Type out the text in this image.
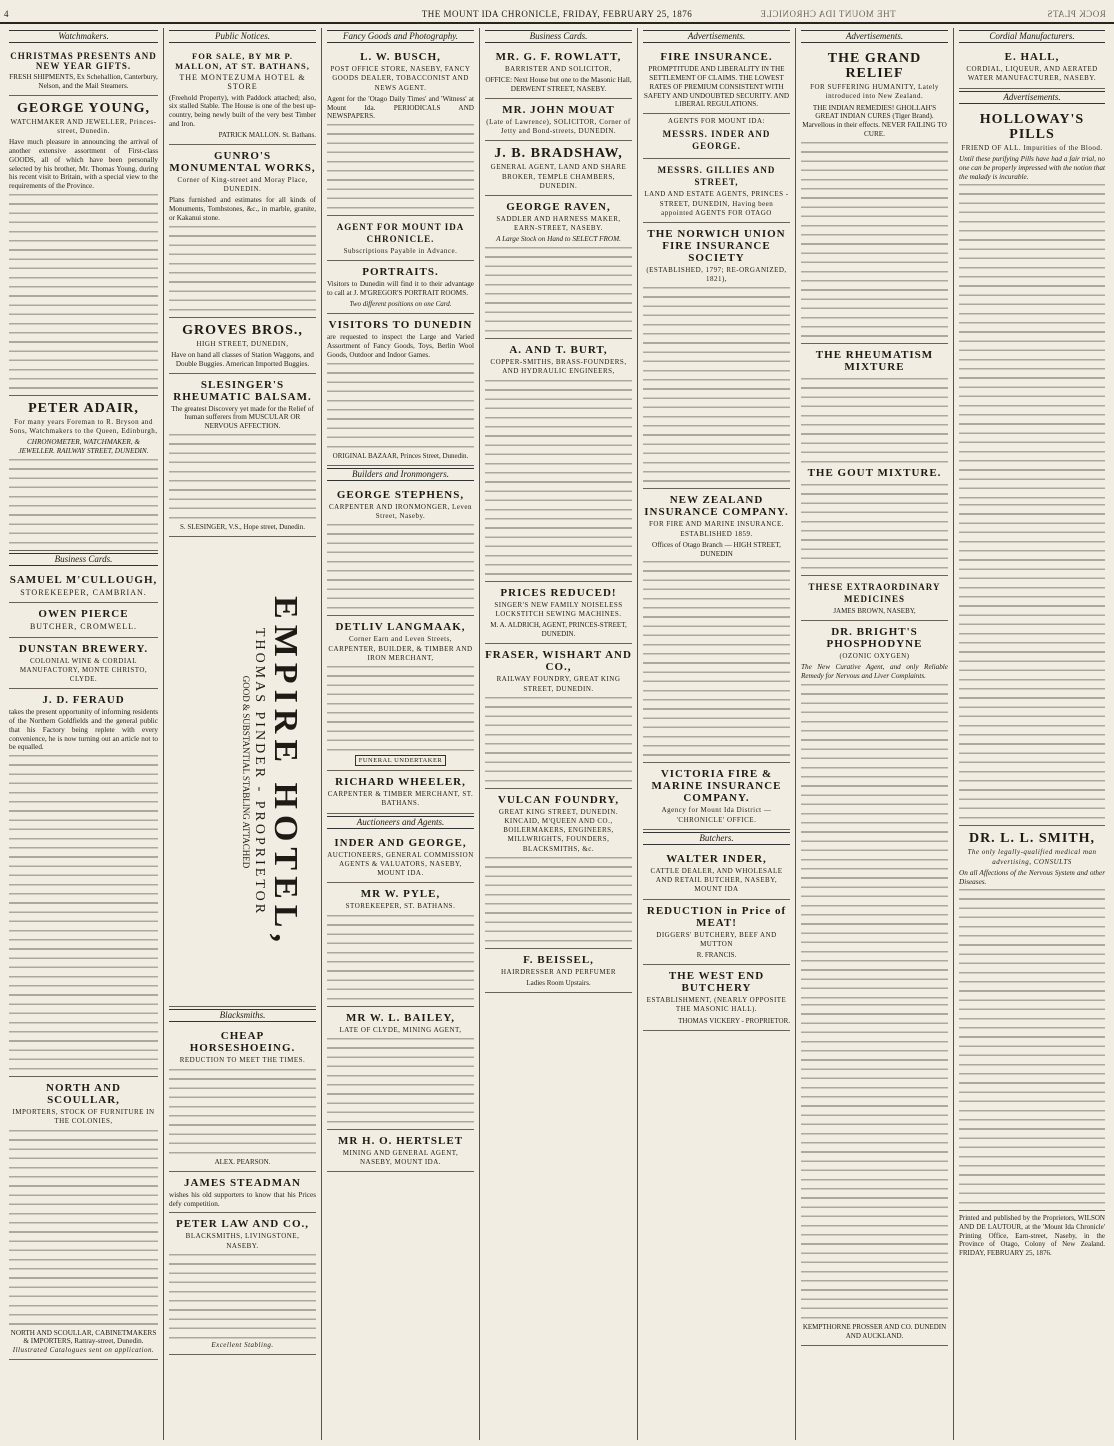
4	THE MOUNT IDA CHRONICLE, FRIDAY, FEBRUARY 25, 1876	THE MOUNT IDA CHRONICLE	ROCK PLATS
Watchmakers.
CHRISTMAS PRESENTS AND NEW YEAR GIFTS.
FRESH SHIPMENTS, Ex Schehallion, Canterbury, Nelson, and the Mail Steamers.
GEORGE YOUNG,
WATCHMAKER AND JEWELLER, Princes-street, Dunedin.
Have much pleasure in announcing the arrival of another extensive assortment of First-class GOODS, all of which have been personally selected by his brother, Mr. Thomas Young, during his recent visit to Britain, with a special view to the requirements of the Province.
PETER ADAIR,
For many years Foreman to R. Bryson and Sons, Watchmakers to the Queen, Edinburgh,
CHRONOMETER, WATCHMAKER, & JEWELLER. RAILWAY STREET, DUNEDIN.
Business Cards.
SAMUEL M'CULLOUGH,
STOREKEEPER, CAMBRIAN.
OWEN PIERCE
BUTCHER, CROMWELL.
DUNSTAN BREWERY.
COLONIAL WINE & CORDIAL MANUFACTORY, MONTE CHRISTO, CLYDE.
J. D. FERAUD
takes the present opportunity of informing residents of the Northern Goldfields and the general public that his Factory being replete with every convenience, he is now turning out an article not to be equalled.
NORTH AND SCOULLAR,
IMPORTERS, STOCK OF FURNITURE IN THE COLONIES,
NORTH AND SCOULLAR, CABINETMAKERS & IMPORTERS, Rattray-street, Dunedin.
Illustrated Catalogues sent on application.
Public Notices.
FOR SALE, BY MR P. MALLON, AT ST. BATHANS,
THE MONTEZUMA HOTEL & STORE
(Freehold Property), with Paddock attached; also, six stalled Stable. The House is one of the best up-country, being newly built of the very best Timber and Iron.
PATRICK MALLON. St. Bathans.
GUNRO'S MONUMENTAL WORKS,
Corner of King-street and Moray Place, DUNEDIN.
Plans furnished and estimates for all kinds of Monuments, Tombstones, &c., in marble, granite, or Kakanui stone.
GROVES BROS.,
HIGH STREET, DUNEDIN,
Have on hand all classes of Station Waggons, and Double Buggies. American Imported Buggies.
SLESINGER'S RHEUMATIC BALSAM.
The greatest Discovery yet made for the Relief of human sufferers from MUSCULAR OR NERVOUS AFFECTION.
S. SLESINGER, V.S., Hope street, Dunedin.
EMPIRE HOTEL,
THOMAS PINDER - PROPRIETOR
GOOD & SUBSTANTIAL STABLING ATTACHED
Blacksmiths.
CHEAP HORSESHOEING.
REDUCTION TO MEET THE TIMES.
ALEX. PEARSON.
JAMES STEADMAN
wishes his old supporters to know that his Prices defy competition.
PETER LAW AND CO.,
BLACKSMITHS, LIVINGSTONE, NASEBY.
Excellent Stabling.
Fancy Goods and Photography.
L. W. BUSCH,
POST OFFICE STORE, NASEBY, FANCY GOODS DEALER, TOBACCONIST AND NEWS AGENT.
Agent for the 'Otago Daily Times' and 'Witness' at Mount Ida. PERIODICALS AND NEWSPAPERS.
AGENT FOR MOUNT IDA CHRONICLE.
Subscriptions Payable in Advance.
PORTRAITS.
Visitors to Dunedin will find it to their advantage to call at J. M'GREGOR'S PORTRAIT ROOMS.
Two different positions on one Card.
VISITORS TO DUNEDIN
are requested to inspect the Large and Varied Assortment of Fancy Goods, Toys, Berlin Wool Goods, Outdoor and Indoor Games.
ORIGINAL BAZAAR, Princes Street, Dunedin.
Builders and Ironmongers.
GEORGE STEPHENS,
CARPENTER AND IRONMONGER, Leven Street, Naseby.
DETLIV LANGMAAK,
Corner Earn and Leven Streets, CARPENTER, BUILDER, & TIMBER AND IRON MERCHANT,
FUNERAL UNDERTAKER
RICHARD WHEELER,
CARPENTER & TIMBER MERCHANT, ST. BATHANS.
Auctioneers and Agents.
INDER AND GEORGE,
AUCTIONEERS, GENERAL COMMISSION AGENTS & VALUATORS, NASEBY, MOUNT IDA.
MR W. PYLE,
STOREKEEPER, ST. BATHANS.
MR W. L. BAILEY,
LATE OF CLYDE, MINING AGENT,
MR H. O. HERTSLET
MINING AND GENERAL AGENT, NASEBY, MOUNT IDA.
Business Cards.
MR. G. F. ROWLATT,
BARRISTER AND SOLICITOR,
OFFICE: Next House but one to the Masonic Hall, DERWENT STREET, NASEBY.
MR. JOHN MOUAT
(Late of Lawrence), SOLICITOR, Corner of Jetty and Bond-streets, DUNEDIN.
J. B. BRADSHAW,
GENERAL AGENT, LAND AND SHARE BROKER, TEMPLE CHAMBERS, DUNEDIN.
GEORGE RAVEN,
SADDLER AND HARNESS MAKER, EARN-STREET, NASEBY.
A Large Stock on Hand to SELECT FROM.
A. AND T. BURT,
COPPER-SMITHS, BRASS-FOUNDERS, AND HYDRAULIC ENGINEERS,
PRICES REDUCED!
SINGER'S NEW FAMILY NOISELESS LOCKSTITCH SEWING MACHINES.
M. A. ALDRICH, AGENT, PRINCES-STREET, DUNEDIN.
FRASER, WISHART AND CO.,
RAILWAY FOUNDRY, GREAT KING STREET, DUNEDIN.
VULCAN FOUNDRY,
GREAT KING STREET, DUNEDIN. KINCAID, M'QUEEN AND CO., BOILERMAKERS, ENGINEERS, MILLWRIGHTS, FOUNDERS, BLACKSMITHS, &c.
F. BEISSEL,
HAIRDRESSER AND PERFUMER
Ladies Room Upstairs.
Advertisements.
FIRE INSURANCE.
PROMPTITUDE AND LIBERALITY IN THE SETTLEMENT OF CLAIMS. THE LOWEST RATES OF PREMIUM CONSISTENT WITH SAFETY AND UNDOUBTED SECURITY. AND LIBERAL REGULATIONS.
AGENTS FOR MOUNT IDA:
MESSRS. INDER AND GEORGE.
MESSRS. GILLIES AND STREET,
LAND AND ESTATE AGENTS, PRINCES - STREET, DUNEDIN, Having been appointed AGENTS FOR OTAGO
THE NORWICH UNION FIRE INSURANCE SOCIETY
(ESTABLISHED, 1797; RE-ORGANIZED, 1821),
NEW ZEALAND INSURANCE COMPANY.
FOR FIRE AND MARINE INSURANCE. ESTABLISHED 1859.
Offices of Otago Branch — HIGH STREET, DUNEDIN
VICTORIA FIRE & MARINE INSURANCE COMPANY.
Agency for Mount Ida District — 'CHRONICLE' OFFICE.
Butchers.
WALTER INDER,
CATTLE DEALER, AND WHOLESALE AND RETAIL BUTCHER, NASEBY, MOUNT IDA
REDUCTION in Price of MEAT!
DIGGERS' BUTCHERY, BEEF AND MUTTON
R. FRANCIS.
THE WEST END BUTCHERY
ESTABLISHMENT, (NEARLY OPPOSITE THE MASONIC HALL).
THOMAS VICKERY - PROPRIETOR.
Advertisements.
THE GRAND RELIEF
FOR SUFFERING HUMANITY, Lately introduced into New Zealand.
THE INDIAN REMEDIES! GHOLLAH'S GREAT INDIAN CURES (Tiger Brand). Marvellous in their effects. NEVER FAILING TO CURE.
THE RHEUMATISM MIXTURE
THE GOUT MIXTURE.
THESE EXTRAORDINARY MEDICINES
JAMES BROWN, NASEBY,
DR. BRIGHT'S PHOSPHODYNE
(OZONIC OXYGEN)
The New Curative Agent, and only Reliable Remedy for Nervous and Liver Complaints.
KEMPTHORNE PROSSER AND CO. DUNEDIN AND AUCKLAND.
Cordial Manufacturers.
E. HALL,
CORDIAL, LIQUEUR, AND AERATED WATER MANUFACTURER, NASEBY.
Advertisements.
HOLLOWAY'S PILLS
FRIEND OF ALL. Impurities of the Blood.
Until these purifying Pills have had a fair trial, no one can be properly impressed with the notion that the malady is incurable.
DR. L. L. SMITH,
The only legally-qualified medical man advertising, CONSULTS
On all Affections of the Nervous System and other Diseases.
Printed and published by the Proprietors, WILSON AND DE LAUTOUR, at the 'Mount Ida Chronicle' Printing Office, Earn-street, Naseby, in the Province of Otago, Colony of New Zealand. FRIDAY, FEBRUARY 25, 1876.
